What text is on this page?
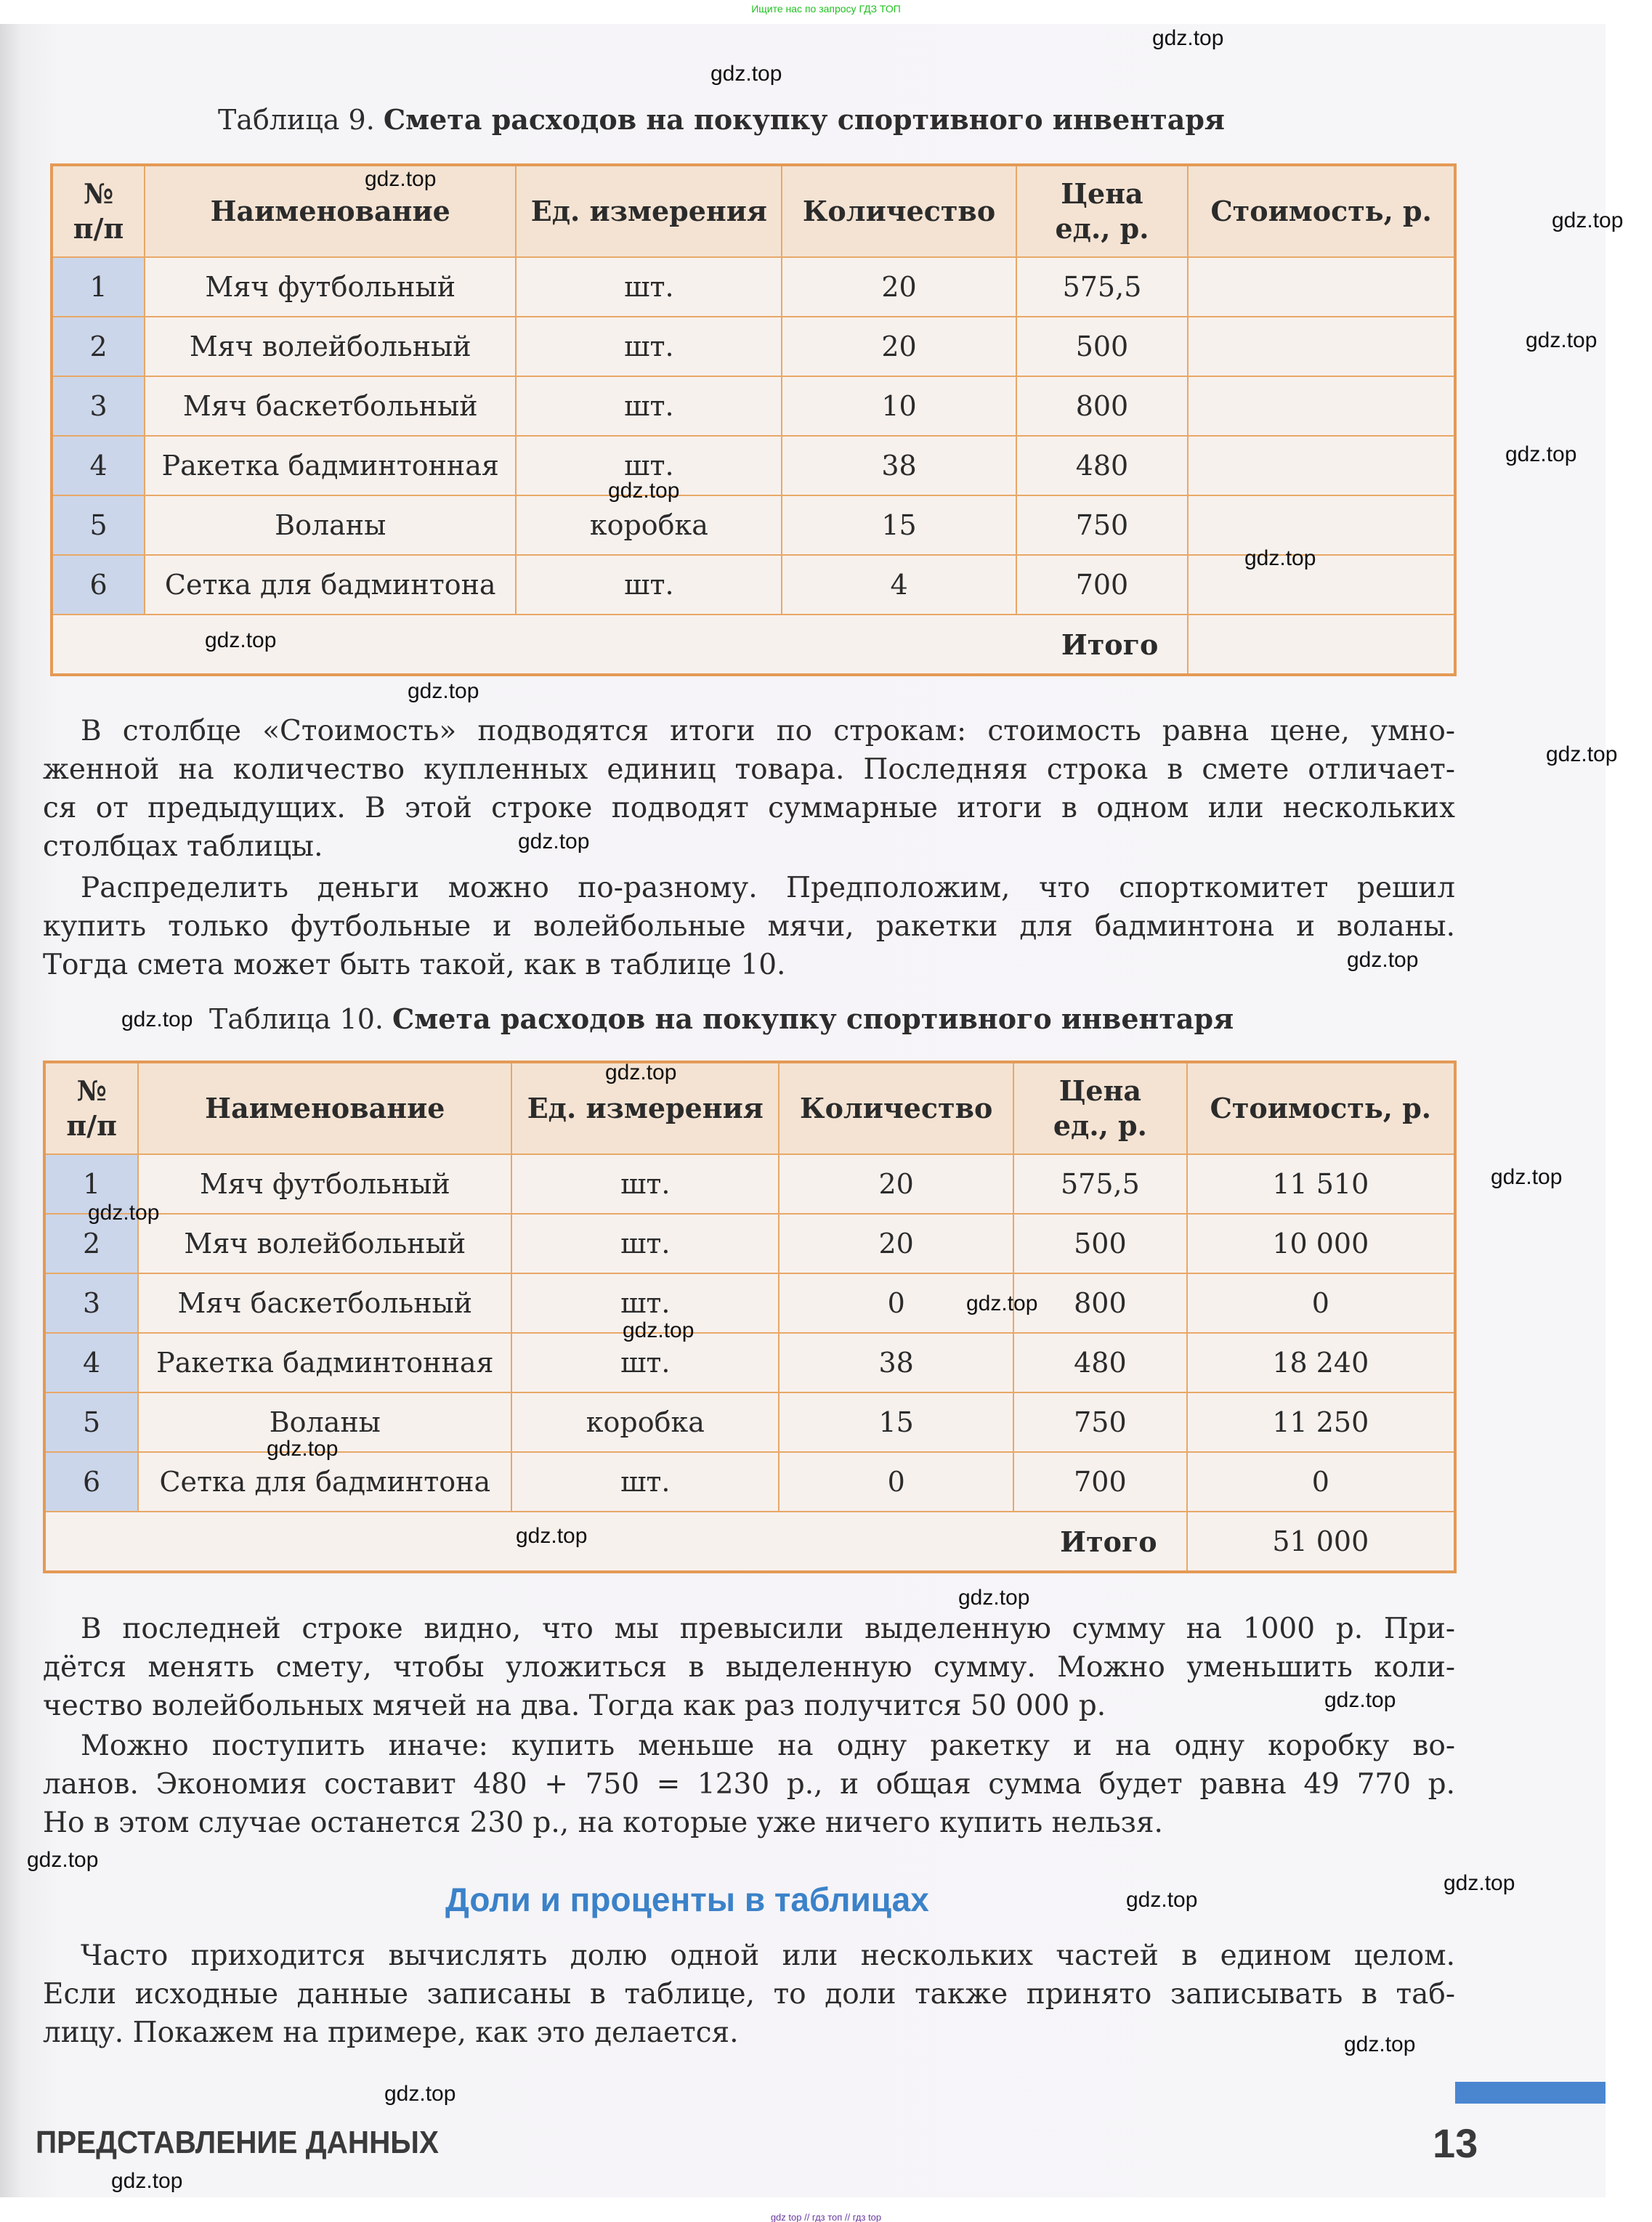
Ищите нас по запросу ГДЗ ТОП
Таблица 9. Смета расходов на покупку спортивного инвентаря
№
п/п	Наименование	Ед. измерения	Количество	Цена
ед., р.	Стоимость, р.
1	Мяч футбольный	шт.	20	575,5	
2	Мяч волейбольный	шт.	20	500	
3	Мяч баскетбольный	шт.	10	800	
4	Ракетка бадминтонная	шт.	38	480	
5	Воланы	коробка	15	750	
6	Сетка для бадминтона	шт.	4	700	
Итого					
В столбце «Стоимость» подводятся итоги по строкам: стоимость равна цене, умно-
женной на количество купленных единиц товара. Последняя строка в смете отличает-
ся от предыдущих. В этой строке подводят суммарные итоги в одном или нескольких
столбцах таблицы.
Распределить деньги можно по-разному. Предположим, что спорткомитет решил
купить только футбольные и волейбольные мячи, ракетки для бадминтона и воланы.
Тогда смета может быть такой, как в таблице 10.
Таблица 10. Смета расходов на покупку спортивного инвентаря
№
п/п	Наименование	Ед. измерения	Количество	Цена
ед., р.	Стоимость, р.
1	Мяч футбольный	шт.	20	575,5	11 510
2	Мяч волейбольный	шт.	20	500	10 000
3	Мяч баскетбольный	шт.	0	800	0
4	Ракетка бадминтонная	шт.	38	480	18 240
5	Воланы	коробка	15	750	11 250
6	Сетка для бадминтона	шт.	0	700	0
Итого					51 000
В последней строке видно, что мы превысили выделенную сумму на 1000 р. При-
дётся менять смету, чтобы уложиться в выделенную сумму. Можно уменьшить коли-
чество волейбольных мячей на два. Тогда как раз получится 50 000 р.
Можно поступить иначе: купить меньше на одну ракетку и на одну коробку во-
ланов. Экономия составит 480 + 750 = 1230 р., и общая сумма будет равна 49 770 р.
Но в этом случае останется 230 р., на которые уже ничего купить нельзя.
Доли и проценты в таблицах
Часто приходится вычислять долю одной или нескольких частей в едином целом.
Если исходные данные записаны в таблице, то доли также принято записывать в таб-
лицу. Покажем на примере, как это делается.
ПРЕДСТАВЛЕНИЕ ДАННЫХ	13
gdz top // гдз топ // гдз top
gdz.top
gdz.top
gdz.top
gdz.top
gdz.top
gdz.top
gdz.top
gdz.top
gdz.top
gdz.top
gdz.top
gdz.top
gdz.top
gdz.top
gdz.top
gdz.top
gdz.top
gdz.top
gdz.top
gdz.top
gdz.top
gdz.top
gdz.top
gdz.top
gdz.top
gdz.top
gdz.top
gdz.top
gdz.top
